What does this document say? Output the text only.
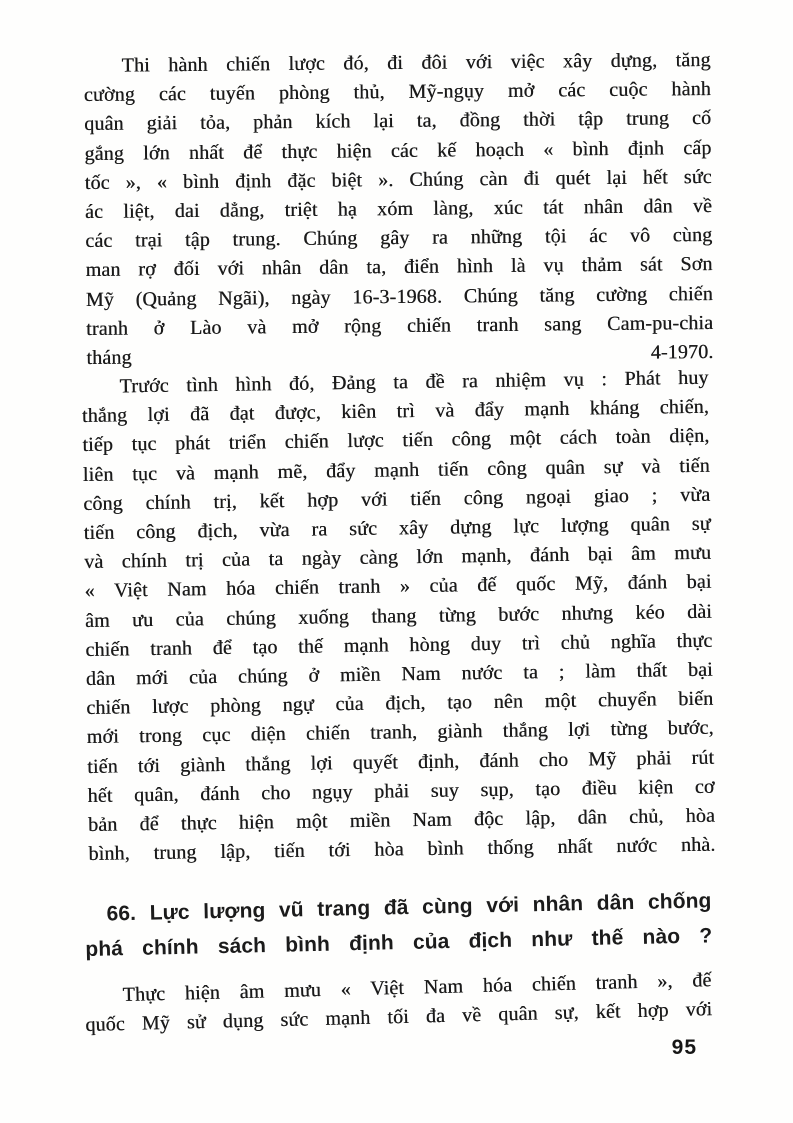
Thi hành chiến lược đó, đi đôi với việc xây dựng, tăng
cường các tuyến phòng thủ, Mỹ-ngụy mở các cuộc hành
quân giải tỏa, phản kích lại ta, đồng thời tập trung cố
gắng lớn nhất để thực hiện các kế hoạch « bình định cấp
tốc », « bình định đặc biệt ». Chúng càn đi quét lại hết sức
ác liệt, dai dẳng, triệt hạ xóm làng, xúc tát nhân dân về
các trại tập trung. Chúng gây ra những tội ác vô cùng
man rợ đối với nhân dân ta, điển hình là vụ thảm sát Sơn
Mỹ (Quảng Ngãi), ngày 16-3-1968. Chúng tăng cường chiến
tranh ở Lào và mở rộng chiến tranh sang Cam-pu-chia
tháng 4-1970.
Trước tình hình đó, Đảng ta đề ra nhiệm vụ : Phát huy
thắng lợi đã đạt được, kiên trì và đẩy mạnh kháng chiến,
tiếp tục phát triển chiến lược tiến công một cách toàn diện,
liên tục và mạnh mẽ, đẩy mạnh tiến công quân sự và tiến
công chính trị, kết hợp với tiến công ngoại giao ; vừa
tiến công địch, vừa ra sức xây dựng lực lượng quân sự
và chính trị của ta ngày càng lớn mạnh, đánh bại âm mưu
« Việt Nam hóa chiến tranh » của đế quốc Mỹ, đánh bại
âm ưu của chúng xuống thang từng bước nhưng kéo dài
chiến tranh để tạo thế mạnh hòng duy trì chủ nghĩa thực
dân mới của chúng ở miền Nam nước ta ; làm thất bại
chiến lược phòng ngự của địch, tạo nên một chuyển biến
mới trong cục diện chiến tranh, giành thắng lợi từng bước,
tiến tới giành thắng lợi quyết định, đánh cho Mỹ phải rút
hết quân, đánh cho ngụy phải suy sụp, tạo điều kiện cơ
bản để thực hiện một miền Nam độc lập, dân chủ, hòa
bình, trung lập, tiến tới hòa bình thống nhất nước nhà.
66. Lực lượng vũ trang đã cùng với nhân dân chống
phá chính sách bình định của địch như thế nào ?
Thực hiện âm mưu « Việt Nam hóa chiến tranh », đế
quốc Mỹ sử dụng sức mạnh tối đa về quân sự, kết hợp với
95
